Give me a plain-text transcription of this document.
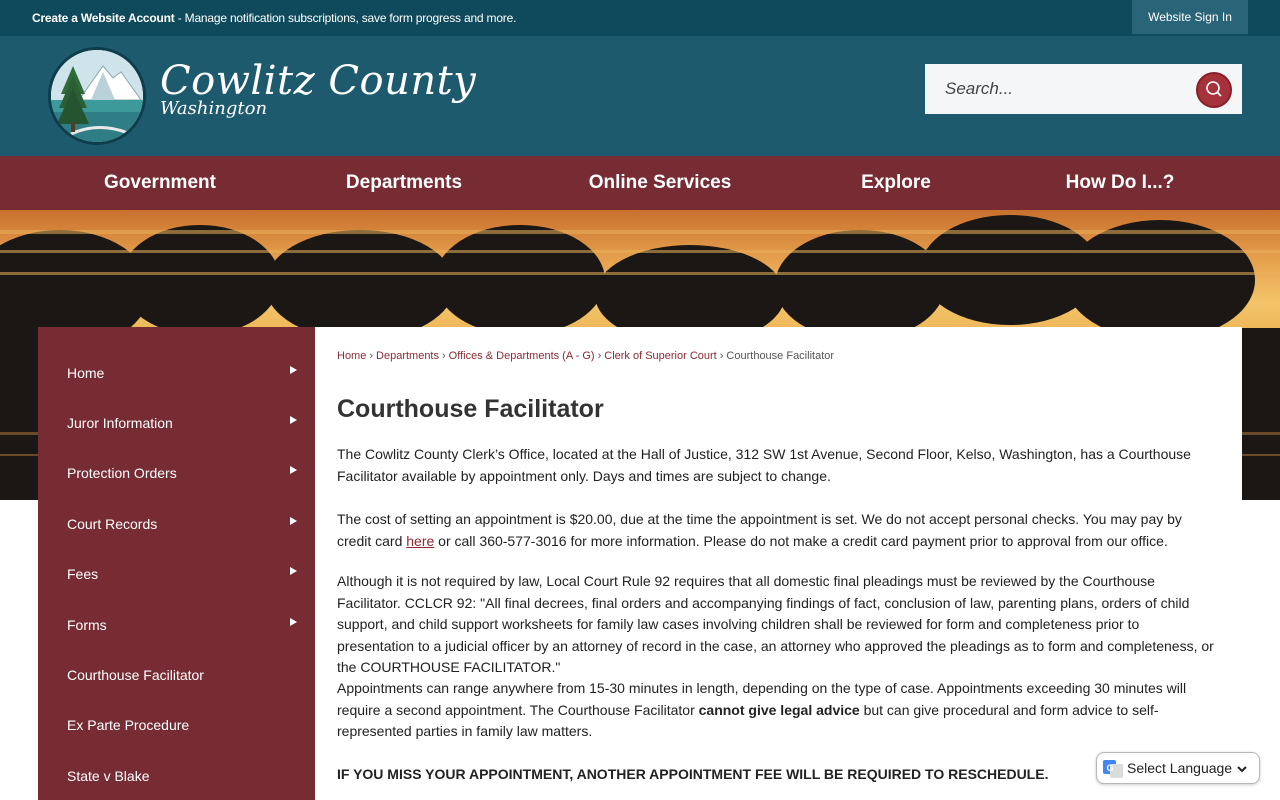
Create a Website Account - Manage notification subscriptions, save form progress and more.	Website Sign In
Cowlitz County
Washington
Search...
Government	Departments	Online Services	Explore	How Do I...?
Home
Juror Information
Protection Orders
Court Records
Fees
Forms
Courthouse Facilitator
Ex Parte Procedure
State v Blake
Home › Departments › Offices & Departments (A - G) › Clerk of Superior Court › Courthouse Facilitator
Courthouse Facilitator

The Cowlitz County Clerk’s Office, located at the Hall of Justice, 312 SW 1st Avenue, Second Floor, Kelso, Washington, has a Courthouse Facilitator available by appointment only. Days and times are subject to change.

The cost of setting an appointment is $20.00, due at the time the appointment is set. We do not accept personal checks. You may pay by credit card here or call 360-577-3016 for more information. Please do not make a credit card payment prior to approval from our office.

Although it is not required by law, Local Court Rule 92 requires that all domestic final pleadings must be reviewed by the Courthouse Facilitator. CCLCR 92: "All final decrees, final orders and accompanying findings of fact, conclusion of law, parenting plans, orders of child support, and child support worksheets for family law cases involving children shall be reviewed for form and completeness prior to presentation to a judicial officer by an attorney of record in the case, an attorney who approved the pleadings as to form and completeness, or the COURTHOUSE FACILITATOR."

Appointments can range anywhere from 15-30 minutes in length, depending on the type of case. Appointments exceeding 30 minutes will require a second appointment. The Courthouse Facilitator cannot give legal advice but can give procedural and form advice to self-represented parties in family law matters.

IF YOU MISS YOUR APPOINTMENT, ANOTHER APPOINTMENT FEE WILL BE REQUIRED TO RESCHEDULE.	G Select Language
